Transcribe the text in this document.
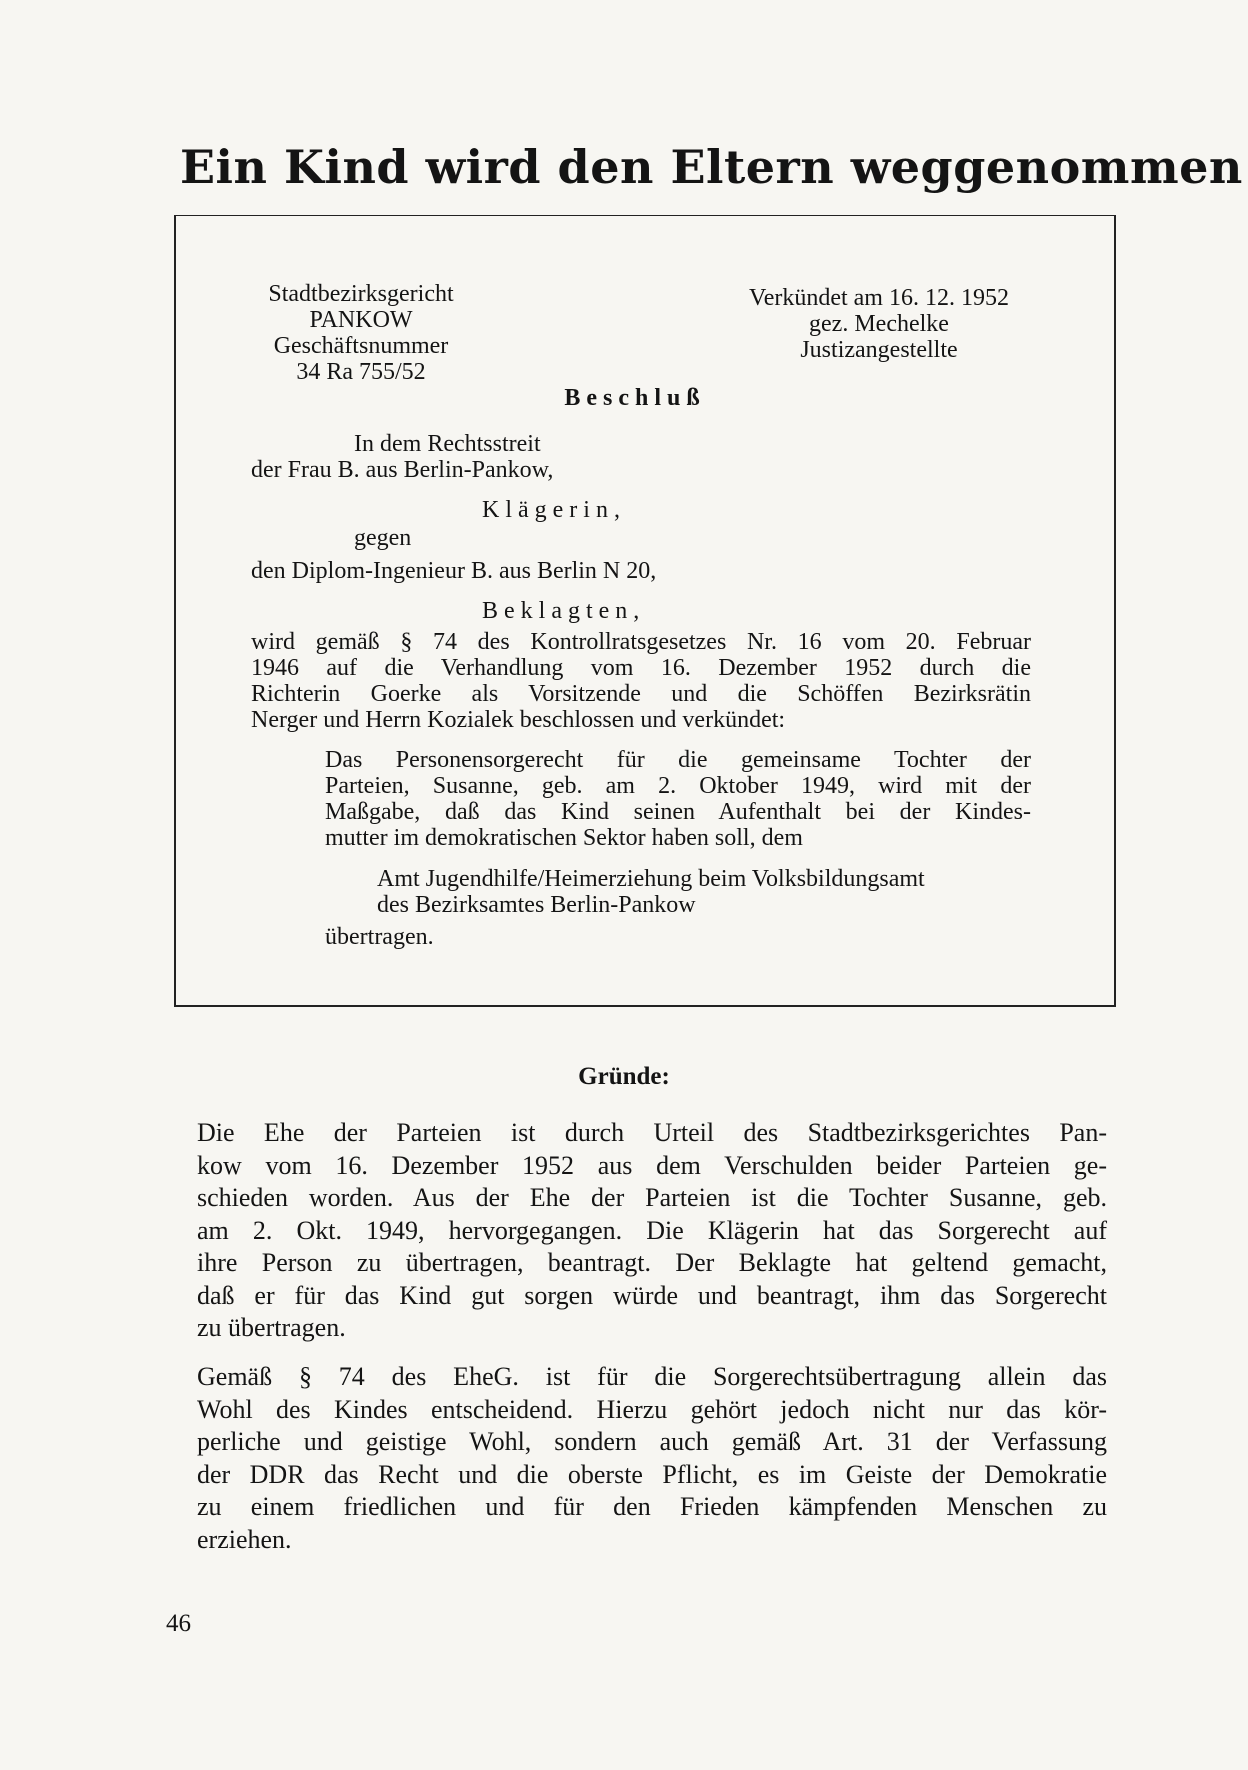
Ein Kind wird den Eltern weggenommen
Stadtbezirksgericht
PANKOW
Geschäftsnummer
34 Ra 755/52
Verkündet am 16. 12. 1952
gez. Mechelke
Justizangestellte
Beschluß
In dem Rechtsstreit
der Frau B. aus Berlin-Pankow,
Klägerin,
gegen
den Diplom-Ingenieur B. aus Berlin N 20,
Beklagten,
wird gemäß § 74 des Kontrollratsgesetzes Nr. 16 vom 20. Februar
1946 auf die Verhandlung vom 16. Dezember 1952 durch die
Richterin Goerke als Vorsitzende und die Schöffen Bezirksrätin
Nerger und Herrn Kozialek beschlossen und verkündet:
Das Personensorgerecht für die gemeinsame Tochter der
Parteien, Susanne, geb. am 2. Oktober 1949, wird mit der
Maßgabe, daß das Kind seinen Aufenthalt bei der Kindes-
mutter im demokratischen Sektor haben soll, dem
Amt Jugendhilfe/Heimerziehung beim Volksbildungsamt
des Bezirksamtes Berlin-Pankow
übertragen.
Gründe:
Die Ehe der Parteien ist durch Urteil des Stadtbezirksgerichtes Pan-
kow vom 16. Dezember 1952 aus dem Verschulden beider Parteien ge-
schieden worden. Aus der Ehe der Parteien ist die Tochter Susanne, geb.
am 2. Okt. 1949, hervorgegangen. Die Klägerin hat das Sorgerecht auf
ihre Person zu übertragen, beantragt. Der Beklagte hat geltend gemacht,
daß er für das Kind gut sorgen würde und beantragt, ihm das Sorgerecht
zu übertragen.
Gemäß § 74 des EheG. ist für die Sorgerechtsübertragung allein das
Wohl des Kindes entscheidend. Hierzu gehört jedoch nicht nur das kör-
perliche und geistige Wohl, sondern auch gemäß Art. 31 der Verfassung
der DDR das Recht und die oberste Pflicht, es im Geiste der Demokratie
zu einem friedlichen und für den Frieden kämpfenden Menschen zu
erziehen.
46
